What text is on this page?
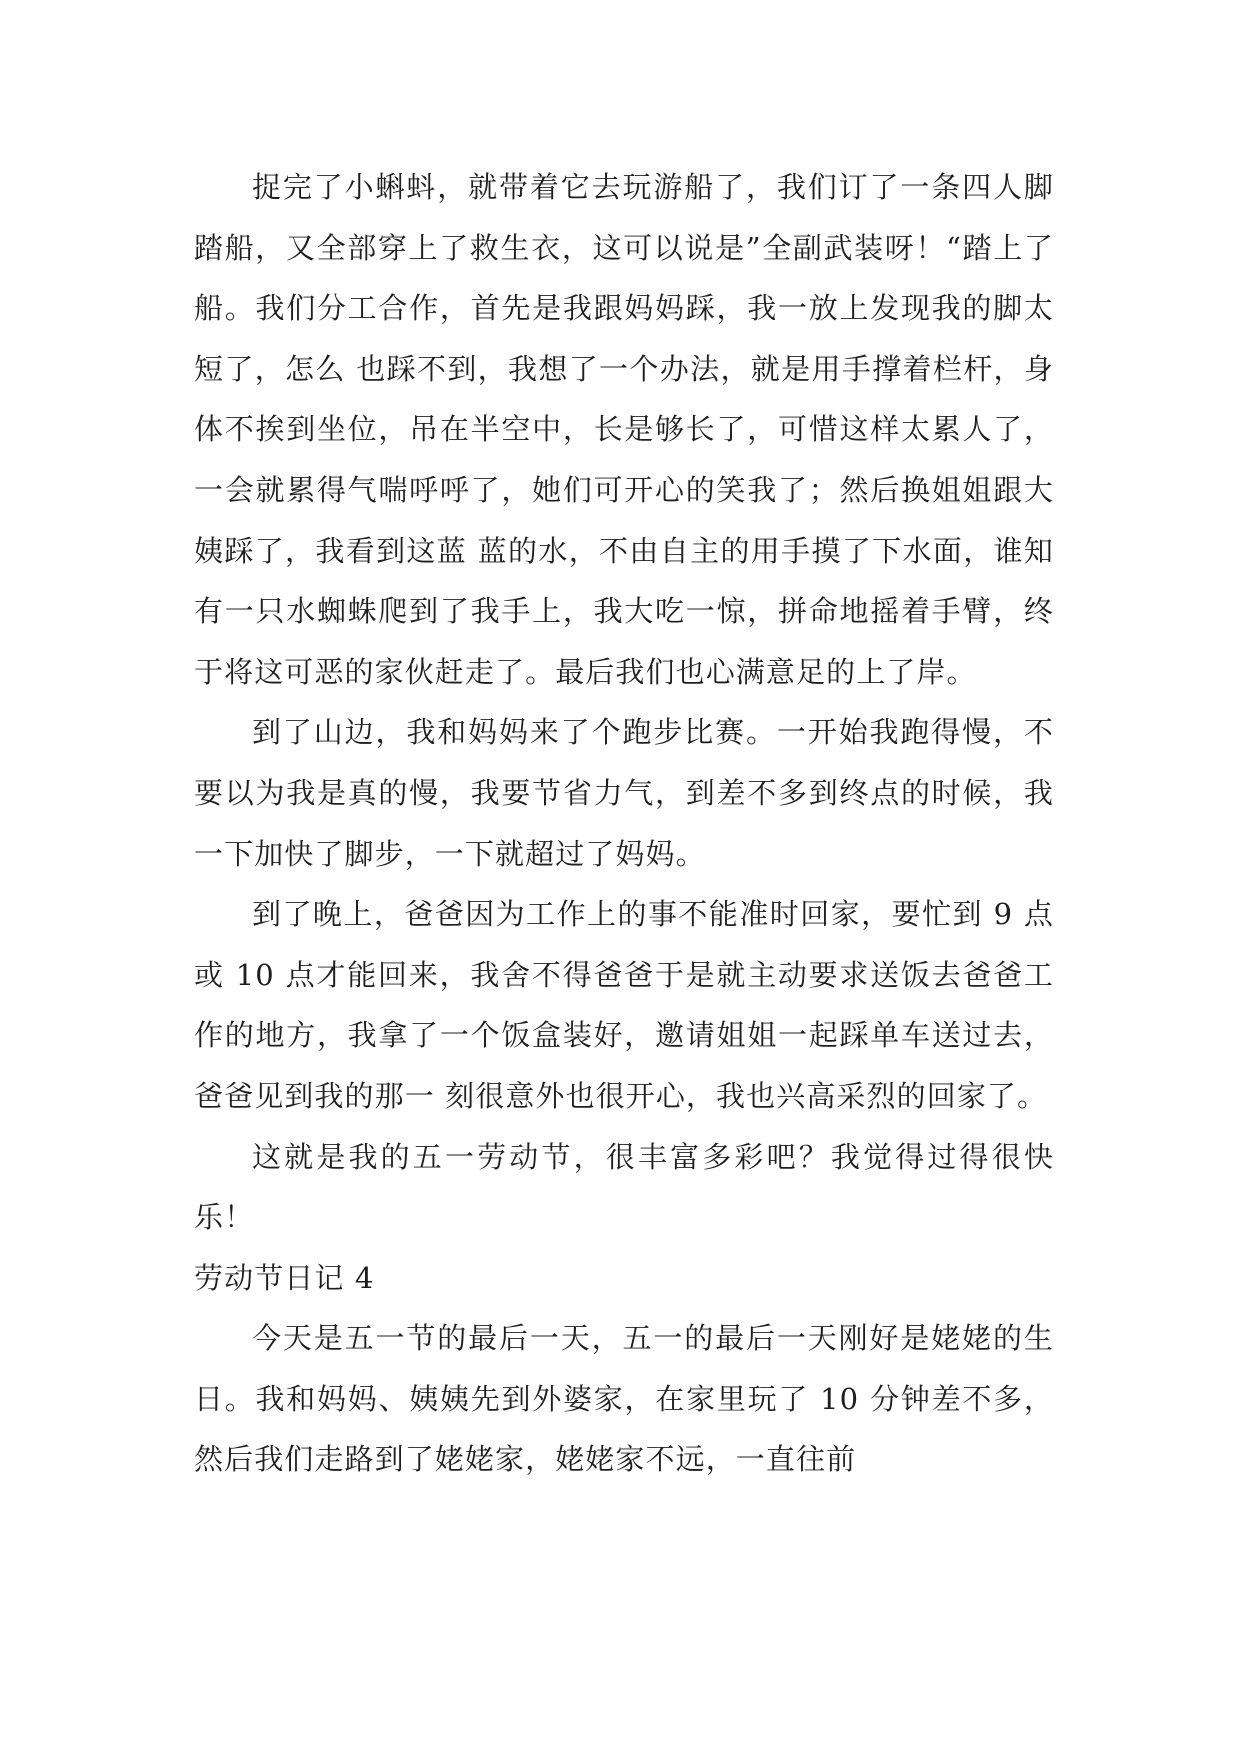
捉完了小蝌蚪，就带着它去玩游船了，我们订了一条四人脚踏船，又全部穿上了救生衣，这可以说是”全副武装呀！“踏上了船。我们分工合作，首先是我跟妈妈踩，我一放上发现我的脚太短了，怎么 也踩不到，我想了一个办法，就是用手撑着栏杆，身体不挨到坐位，吊在半空中，长是够长了，可惜这样太累人了，一会就累得气喘呼呼了，她们可开心的笑我了；然后换姐姐跟大姨踩了，我看到这蓝 蓝的水，不由自主的用手摸了下水面，谁知有一只水蜘蛛爬到了我手上，我大吃一惊，拼命地摇着手臂，终于将这可恶的家伙赶走了。最后我们也心满意足的上了岸。

到了山边，我和妈妈来了个跑步比赛。一开始我跑得慢，不要以为我是真的慢，我要节省力气，到差不多到终点的时候，我一下加快了脚步，一下就超过了妈妈。

到了晚上，爸爸因为工作上的事不能准时回家，要忙到 9 点或 10 点才能回来，我舍不得爸爸于是就主动要求送饭去爸爸工作的地方，我拿了一个饭盒装好，邀请姐姐一起踩单车送过去，爸爸见到我的那一 刻很意外也很开心，我也兴高采烈的回家了。

这就是我的五一劳动节，很丰富多彩吧？我觉得过得很快乐！

劳动节日记 4

今天是五一节的最后一天，五一的最后一天刚好是姥姥的生日。我和妈妈、姨姨先到外婆家，在家里玩了 10 分钟差不多，然后我们走路到了姥姥家，姥姥家不远，一直往前
